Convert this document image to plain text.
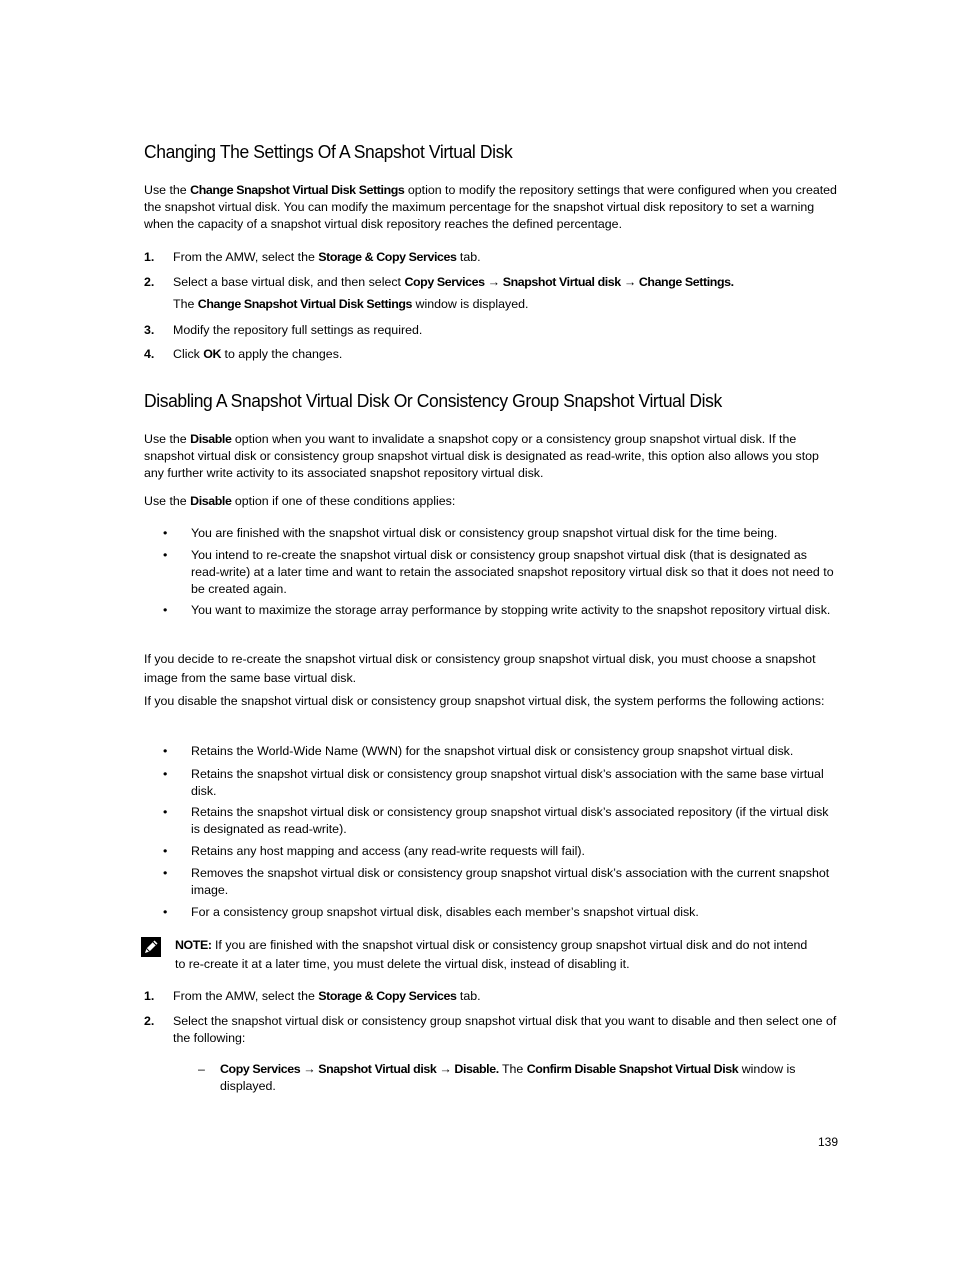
Changing The Settings Of A Snapshot Virtual Disk

Use the Change Snapshot Virtual Disk Settings option to modify the repository settings that were configured when you created the snapshot virtual disk. You can modify the maximum percentage for the snapshot virtual disk repository to set a warning when the capacity of a snapshot virtual disk repository reaches the defined percentage.

1. From the AMW, select the Storage & Copy Services tab.
2. Select a base virtual disk, and then select Copy Services → Snapshot Virtual disk → Change Settings.
The Change Snapshot Virtual Disk Settings window is displayed.
3. Modify the repository full settings as required.
4. Click OK to apply the changes.
Disabling A Snapshot Virtual Disk Or Consistency Group Snapshot Virtual Disk

Use the Disable option when you want to invalidate a snapshot copy or a consistency group snapshot virtual disk. If the snapshot virtual disk or consistency group snapshot virtual disk is designated as read-write, this option also allows you stop any further write activity to its associated snapshot repository virtual disk.

Use the Disable option if one of these conditions applies:

• You are finished with the snapshot virtual disk or consistency group snapshot virtual disk for the time being.
• You intend to re-create the snapshot virtual disk or consistency group snapshot virtual disk (that is designated as read-write) at a later time and want to retain the associated snapshot repository virtual disk so that it does not need to be created again.
• You want to maximize the storage array performance by stopping write activity to the snapshot repository virtual disk.

If you decide to re-create the snapshot virtual disk or consistency group snapshot virtual disk, you must choose a snapshot image from the same base virtual disk.

If you disable the snapshot virtual disk or consistency group snapshot virtual disk, the system performs the following actions:

• Retains the World-Wide Name (WWN) for the snapshot virtual disk or consistency group snapshot virtual disk.
• Retains the snapshot virtual disk or consistency group snapshot virtual disk’s association with the same base virtual disk.
• Retains the snapshot virtual disk or consistency group snapshot virtual disk’s associated repository (if the virtual disk is designated as read-write).
• Retains any host mapping and access (any read-write requests will fail).
• Removes the snapshot virtual disk or consistency group snapshot virtual disk’s association with the current snapshot image.
• For a consistency group snapshot virtual disk, disables each member’s snapshot virtual disk.
NOTE: If you are finished with the snapshot virtual disk or consistency group snapshot virtual disk and do not intend to re-create it at a later time, you must delete the virtual disk, instead of disabling it.
1. From the AMW, select the Storage & Copy Services tab.
2. Select the snapshot virtual disk or consistency group snapshot virtual disk that you want to disable and then select one of the following:
– Copy Services → Snapshot Virtual disk → Disable. The Confirm Disable Snapshot Virtual Disk window is displayed.
139
